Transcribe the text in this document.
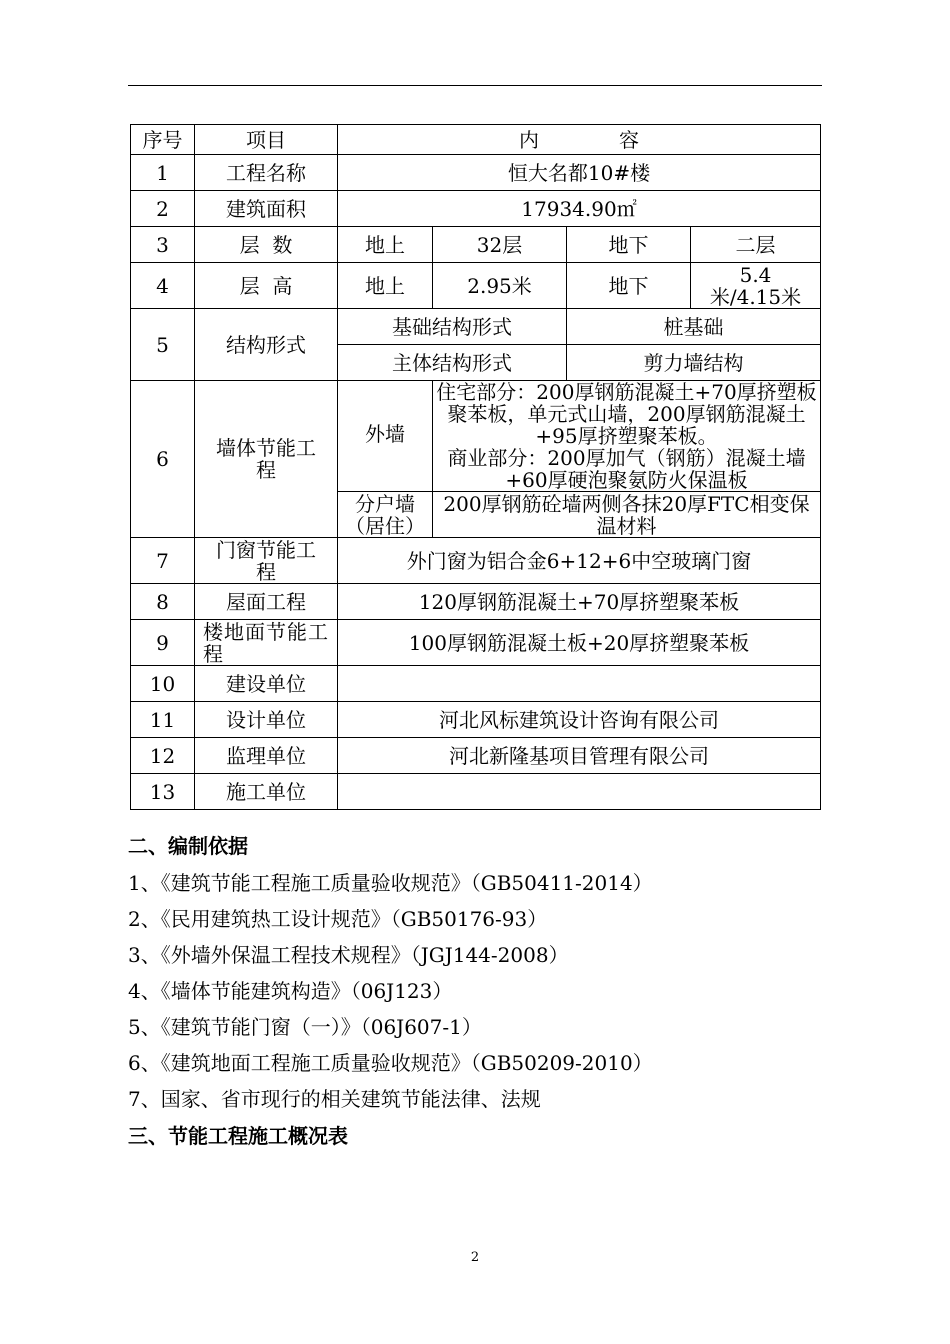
序号	项目	内　　　　容			
1	工程名称	恒大名都10#楼			
2	建筑面积	17934.90㎡			
3	层  数	地上	32层	地下	二层
4	层  高	地上	2.95米	地下	5.4米/4.15米
5	结构形式	基础结构形式		桩基础	
		主体结构形式		剪力墙结构	
6	墙体节能工程	外墙	住宅部分：200厚钢筋混凝土+70厚挤塑板聚苯板，单元式山墙，200厚钢筋混凝土+95厚挤塑聚苯板。
商业部分：200厚加气（钢筋）混凝土墙+60厚硬泡聚氨防火保温板		

		分户墙（居住）	200厚钢筋砼墙两侧各抹20厚FTC相变保温材料		
7	门窗节能工程	外门窗为铝合金6+12+6中空玻璃门窗			
8	屋面工程	120厚钢筋混凝土+70厚挤塑聚苯板			
9	楼地面节能工程	100厚钢筋混凝土板+20厚挤塑聚苯板			
10	建设单位				
11	设计单位	河北风标建筑设计咨询有限公司			
12	监理单位	河北新隆基项目管理有限公司			
13	施工单位				
二、编制依据
1、《建筑节能工程施工质量验收规范》（GB50411-2014）
2、《民用建筑热工设计规范》（GB50176-93）
3、《外墙外保温工程技术规程》（JGJ144-2008）
4、《墙体节能建筑构造》（06J123）
5、《建筑节能门窗（一）》（06J607-1）
6、《建筑地面工程施工质量验收规范》（GB50209-2010）
7、国家、省市现行的相关建筑节能法律、法规
三、节能工程施工概况表
2
